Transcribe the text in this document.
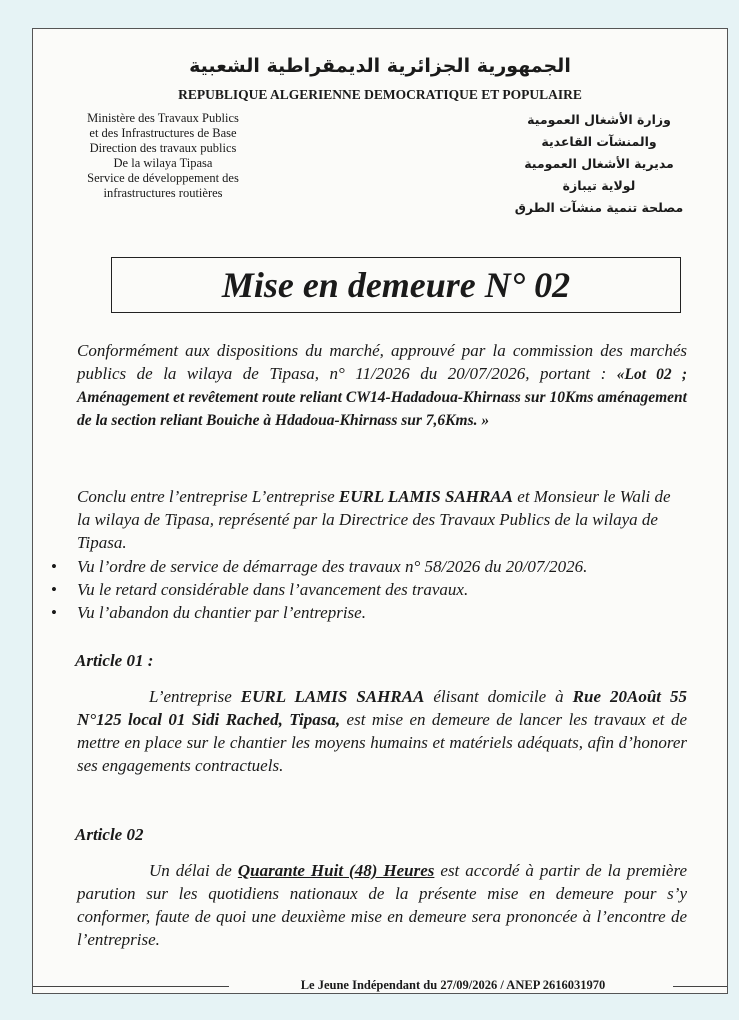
الجمهورية الجزائرية الديمقراطية الشعبية
REPUBLIQUE ALGERIENNE DEMOCRATIQUE ET POPULAIRE
Ministère des Travaux Publics
et des Infrastructures de Base
Direction des travaux publics
De la wilaya Tipasa
Service de développement des
infrastructures routières
وزارة الأشغال العمومية
والمنشآت القاعدية
مديرية الأشغال العمومية
لولاية تيبازة
مصلحة تنمية منشآت الطرق
Mise en demeure N° 02
Conformément aux dispositions du marché, approuvé par la commission des marchés publics de la wilaya de Tipasa, n° 11/2026 du 20/07/2026, portant : «Lot 02 ; Aménagement et revêtement route reliant CW14-Hadadoua-Khirnass sur 10Kms aménagement de la section reliant Bouiche à Hdadoua-Khirnass sur 7,6Kms. »
Conclu entre l’entreprise L’entreprise EURL LAMIS SAHRAA et Monsieur le Wali de la wilaya de Tipasa, représenté par la Directrice des Travaux Publics de la wilaya de Tipasa.
• Vu l’ordre de service de démarrage des travaux n° 58/2026 du 20/07/2026.
• Vu le retard considérable dans l’avancement des travaux.
• Vu l’abandon du chantier par l’entreprise.
Article 01 :
L’entreprise EURL LAMIS SAHRAA élisant domicile à Rue 20Août 55 N°125 local 01 Sidi Rached, Tipasa, est mise en demeure de lancer les travaux et de mettre en place sur le chantier les moyens humains et matériels adéquats, afin d’honorer ses engagements contractuels.
Article 02
Un délai de Quarante Huit (48) Heures est accordé à partir de la première parution sur les quotidiens nationaux de la présente mise en demeure pour s’y conformer, faute de quoi une deuxième mise en demeure sera prononcée à l’encontre de l’entreprise.
Le Jeune Indépendant du 27/09/2026 / ANEP 2616031970
